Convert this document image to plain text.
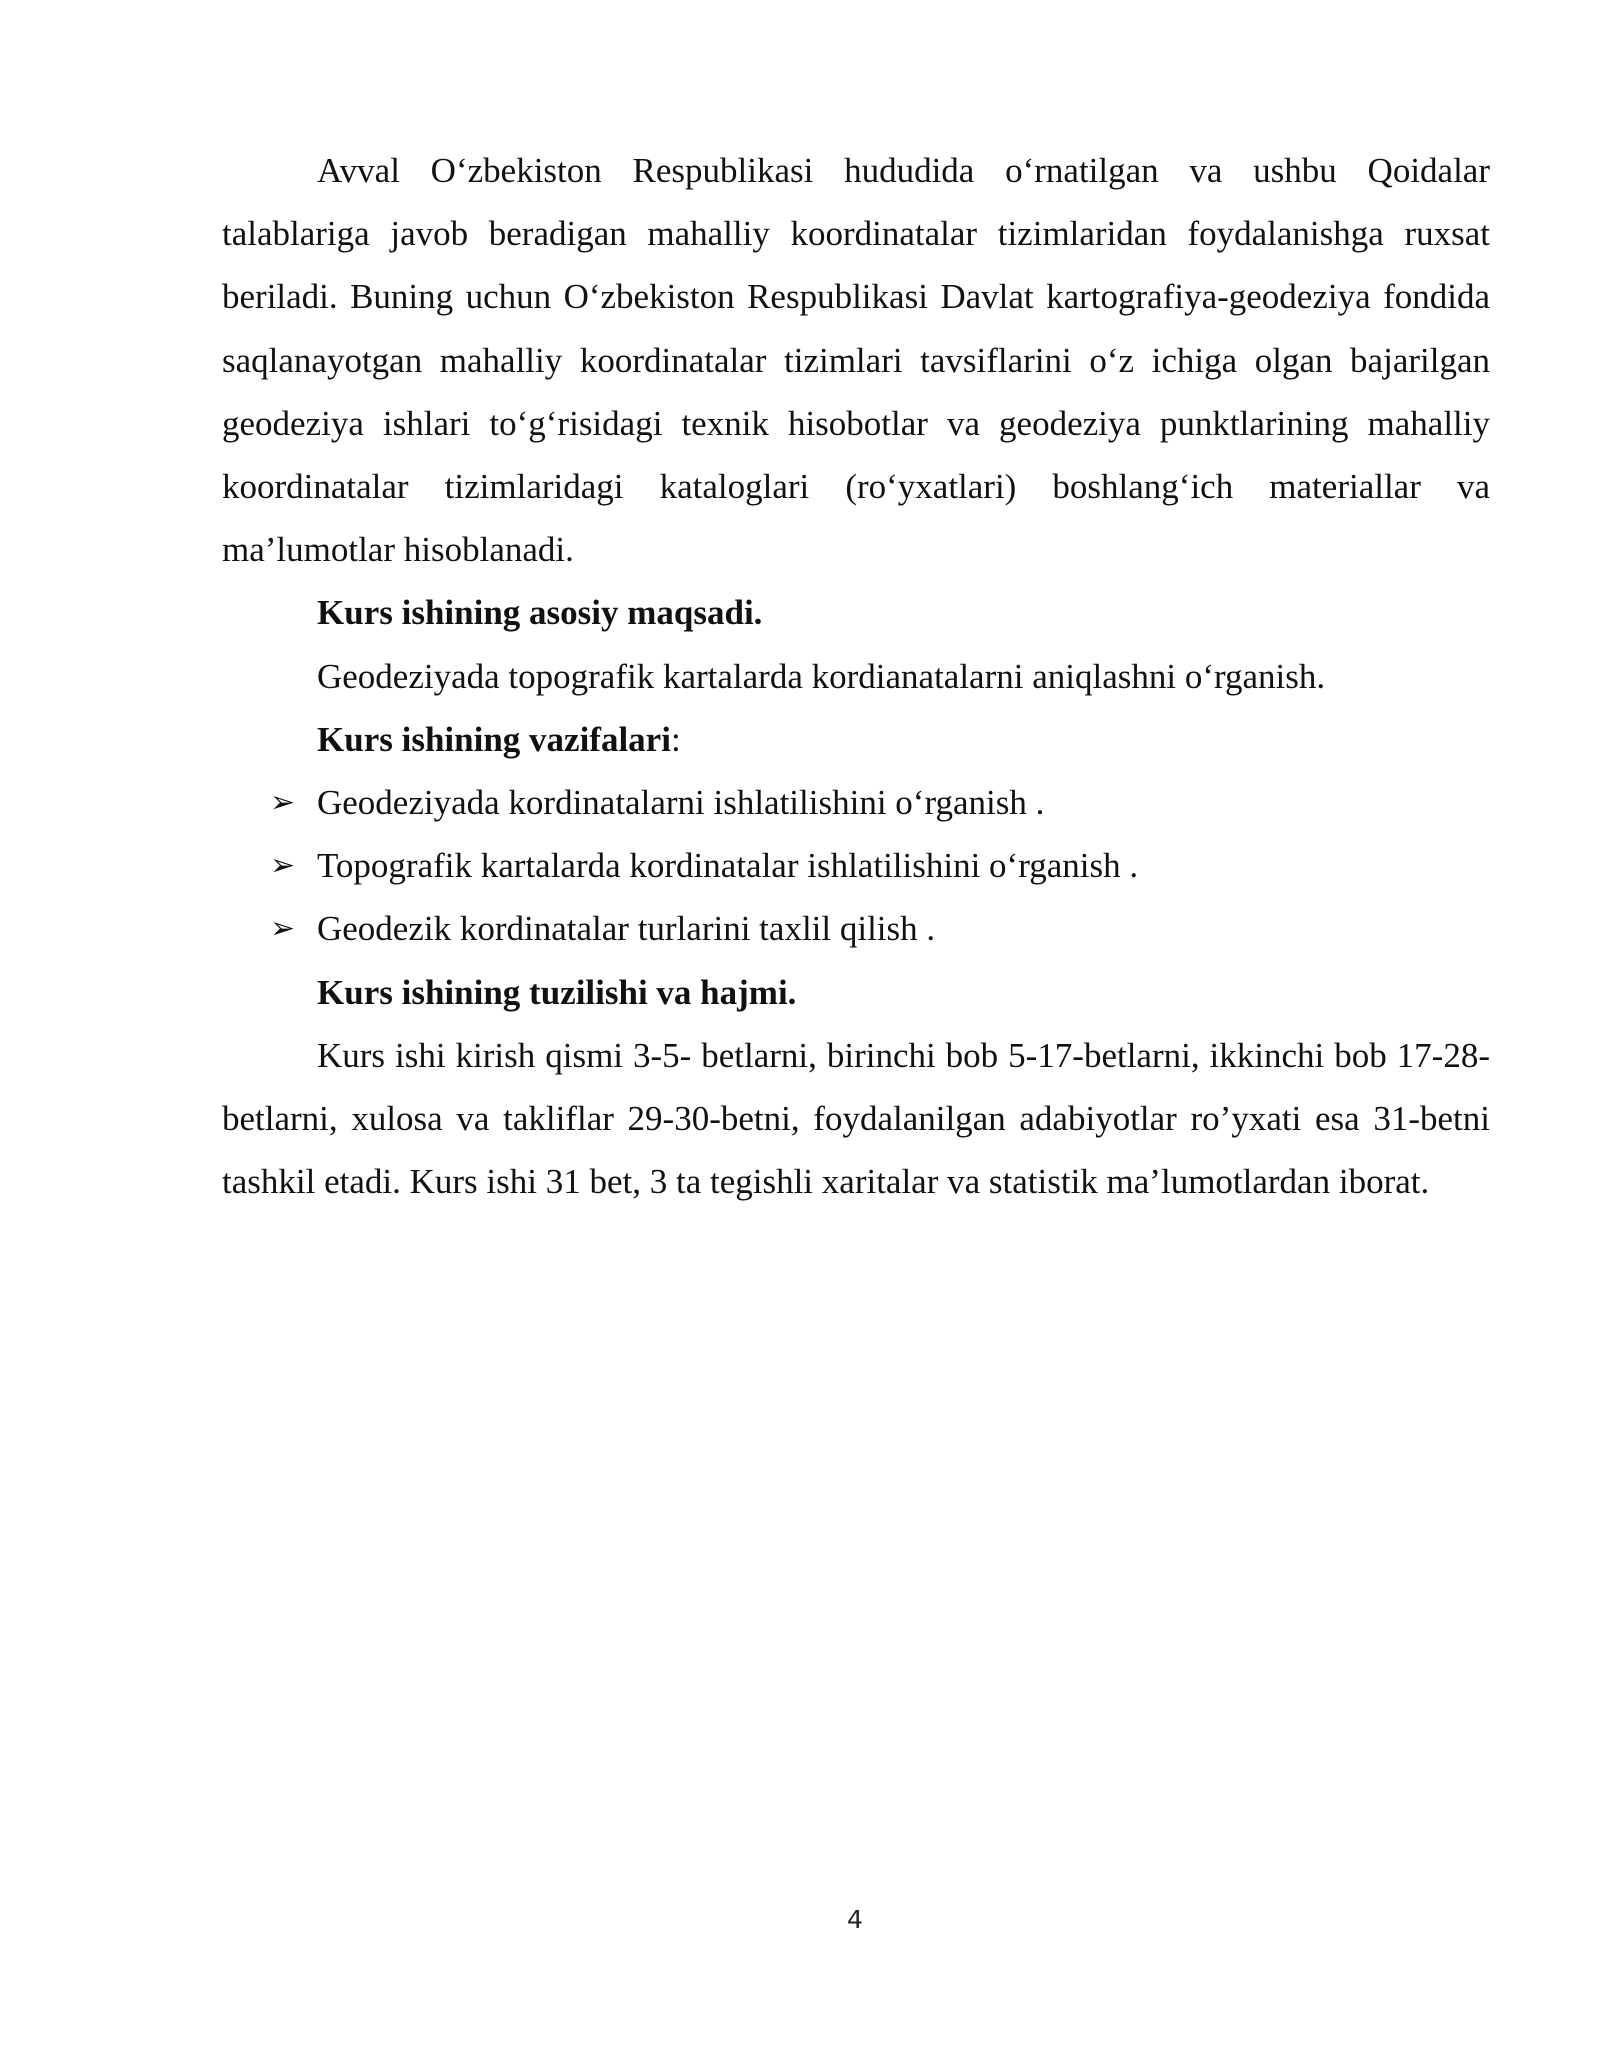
Avval O‘zbekiston Respublikasi hududida o‘rnatilgan va ushbu Qoidalar talablariga javob beradigan mahalliy koordinatalar tizimlaridan foydalanishga ruxsat beriladi. Buning uchun O‘zbekiston Respublikasi Davlat kartografiya-geodeziya fondida saqlanayotgan mahalliy koordinatalar tizimlari tavsiflarini o‘z ichiga olgan bajarilgan geodeziya ishlari to‘g‘risidagi texnik hisobotlar va geodeziya punktlarining mahalliy koordinatalar tizimlaridagi kataloglari (ro‘yxatlari) boshlang‘ich materiallar va ma’lumotlar hisoblanadi.

Kurs ishining asosiy maqsadi.

Geodeziyada topografik kartalarda kordianatalarni aniqlashni o‘rganish.

Kurs ishining vazifalari:

➢ Geodeziyada kordinatalarni ishlatilishini o‘rganish .
➢ Topografik kartalarda kordinatalar ishlatilishini o‘rganish .
➢ Geodezik kordinatalar turlarini taxlil qilish .

Kurs ishining tuzilishi va hajmi.

Kurs ishi kirish qismi 3-5- betlarni, birinchi bob 5-17-betlarni, ikkinchi bob 17-28-betlarni, xulosa va takliflar 29-30-betni, foydalanilgan adabiyotlar ro’yxati esa 31-betni tashkil etadi. Kurs ishi 31 bet, 3 ta tegishli xaritalar va statistik ma’lumotlardan iborat.

4
